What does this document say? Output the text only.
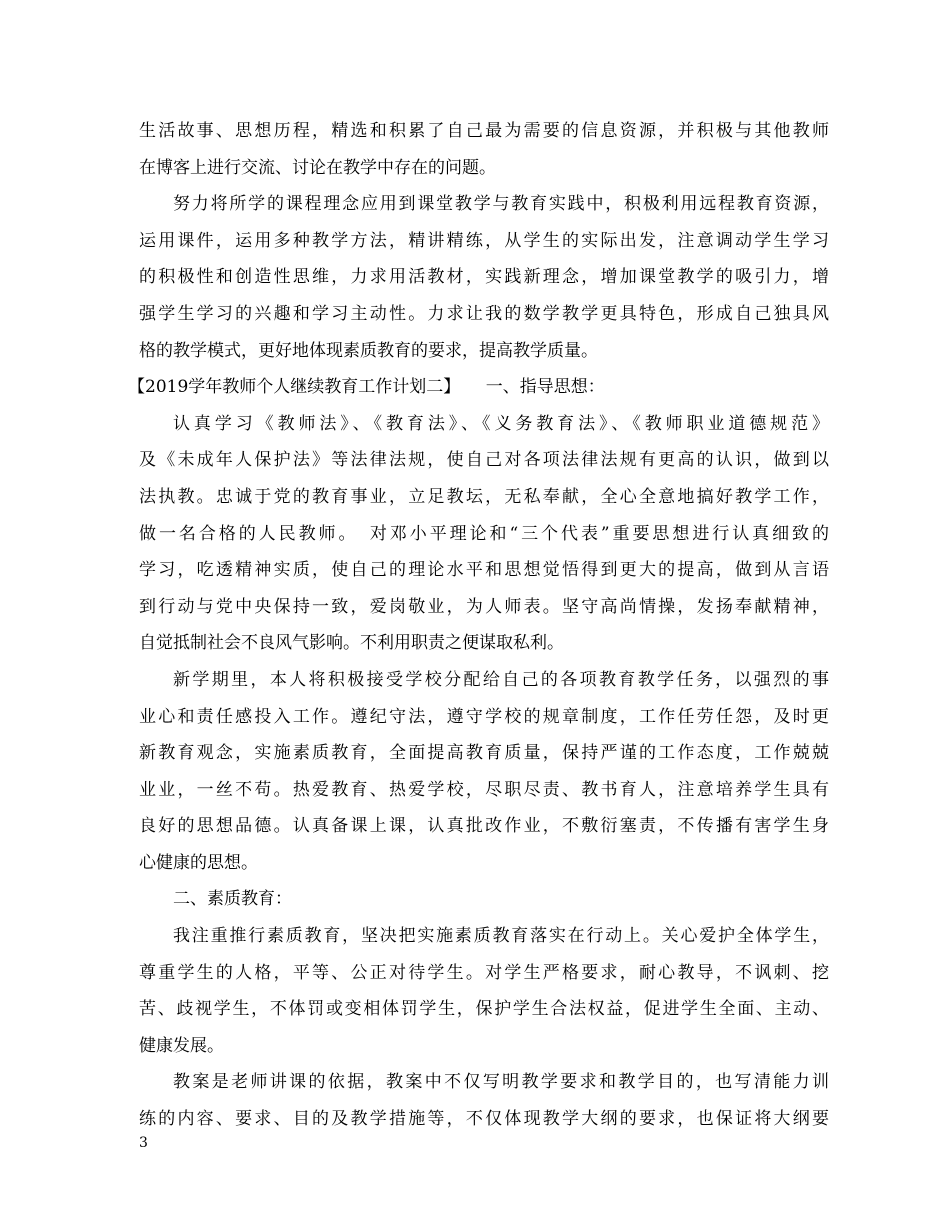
生活故事、思想历程，精选和积累了自己最为需要的信息资源，并积极与其他教师
在博客上进行交流、讨论在教学中存在的问题。
努力将所学的课程理念应用到课堂教学与教育实践中，积极利用远程教育资源，
运用课件，运用多种教学方法，精讲精练，从学生的实际出发，注意调动学生学习
的积极性和创造性思维，力求用活教材，实践新理念，增加课堂教学的吸引力，增
强学生学习的兴趣和学习主动性。力求让我的数学教学更具特色，形成自己独具风
格的教学模式，更好地体现素质教育的要求，提高教学质量。
【2019学年教师个人继续教育工作计划二】　　一、指导思想：
认真学习《教师法》、《教育法》、《义务教育法》、《教师职业道德规范》
及《未成年人保护法》等法律法规，使自己对各项法律法规有更高的认识，做到以
法执教。忠诚于党的教育事业，立足教坛，无私奉献，全心全意地搞好教学工作，
做一名合格的人民教师。　对邓小平理论和“三个代表”重要思想进行认真细致的
学习，吃透精神实质，使自己的理论水平和思想觉悟得到更大的提高，做到从言语
到行动与党中央保持一致，爱岗敬业，为人师表。坚守高尚情操，发扬奉献精神，
自觉抵制社会不良风气影响。不利用职责之便谋取私利。
新学期里，本人将积极接受学校分配给自己的各项教育教学任务，以强烈的事
业心和责任感投入工作。遵纪守法，遵守学校的规章制度，工作任劳任怨，及时更
新教育观念，实施素质教育，全面提高教育质量，保持严谨的工作态度，工作兢兢
业业，一丝不苟。热爱教育、热爱学校，尽职尽责、教书育人，注意培养学生具有
良好的思想品德。认真备课上课，认真批改作业，不敷衍塞责，不传播有害学生身
心健康的思想。
二、素质教育：
我注重推行素质教育，坚决把实施素质教育落实在行动上。关心爱护全体学生，
尊重学生的人格，平等、公正对待学生。对学生严格要求，耐心教导，不讽刺、挖
苦、歧视学生，不体罚或变相体罚学生，保护学生合法权益，促进学生全面、主动、
健康发展。
教案是老师讲课的依据，教案中不仅写明教学要求和教学目的，也写清能力训
练的内容、要求、目的及教学措施等，不仅体现教学大纲的要求，也保证将大纲要
3
